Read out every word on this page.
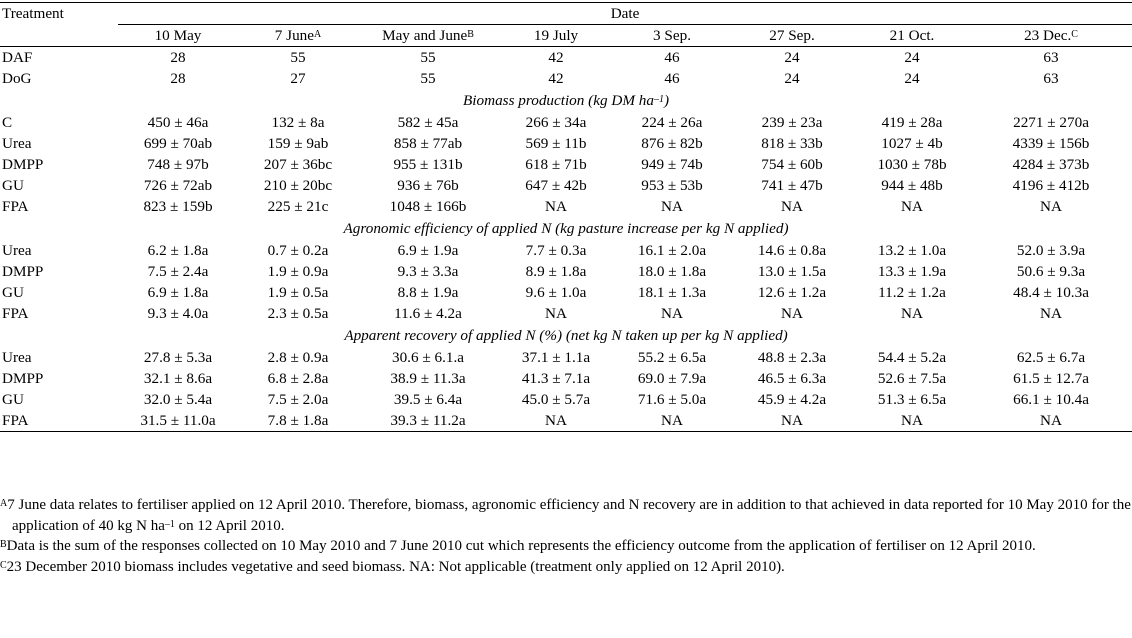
Treatment	Date							
	10 May	7 June$^A$	May and June$^B$	19 July	3 Sep.	27 Sep.	21 Oct.	23 Dec.$^C$
DAF	28	55	55	42	46	24	24	63
DoG	28	27	55	42	46	24	24	63
Biomass production (kg DM $ha^{-1}$)								
C	450 ± 46a	132 ± 8a	582 ± 45a	266 ± 34a	224 ± 26a	239 ± 23a	419 ± 28a	2271 ± 270a
Urea	699 ± 70ab	159 ± 9ab	858 ± 77ab	569 ± 11b	876 ± 82b	818 ± 33b	1027 ± 4b	4339 ± 156b
DMPP	748 ± 97b	207 ± 36bc	955 ± 131b	618 ± 71b	949 ± 74b	754 ± 60b	1030 ± 78b	4284 ± 373b
GU	726 ± 72ab	210 ± 20bc	936 ± 76b	647 ± 42b	953 ± 53b	741 ± 47b	944 ± 48b	4196 ± 412b
FPA	823 ± 159b	225 ± 21c	1048 ± 166b	NA	NA	NA	NA	NA
Agronomic efficiency of applied N (kg pasture increase per kg N applied)								
Urea	6.2 ± 1.8a	0.7 ± 0.2a	6.9 ± 1.9a	7.7 ± 0.3a	16.1 ± 2.0a	14.6 ± 0.8a	13.2 ± 1.0a	52.0 ± 3.9a
DMPP	7.5 ± 2.4a	1.9 ± 0.9a	9.3 ± 3.3a	8.9 ± 1.8a	18.0 ± 1.8a	13.0 ± 1.5a	13.3 ± 1.9a	50.6 ± 9.3a
GU	6.9 ± 1.8a	1.9 ± 0.5a	8.8 ± 1.9a	9.6 ± 1.0a	18.1 ± 1.3a	12.6 ± 1.2a	11.2 ± 1.2a	48.4 ± 10.3a
FPA	9.3 ± 4.0a	2.3 ± 0.5a	11.6 ± 4.2a	NA	NA	NA	NA	NA
Apparent recovery of applied N (%) (net kg N taken up per kg N applied)								
Urea	27.8 ± 5.3a	2.8 ± 0.9a	30.6 ± 6.1.a	37.1 ± 1.1a	55.2 ± 6.5a	48.8 ± 2.3a	54.4 ± 5.2a	62.5 ± 6.7a
DMPP	32.1 ± 8.6a	6.8 ± 2.8a	38.9 ± 11.3a	41.3 ± 7.1a	69.0 ± 7.9a	46.5 ± 6.3a	52.6 ± 7.5a	61.5 ± 12.7a
GU	32.0 ± 5.4a	7.5 ± 2.0a	39.5 ± 6.4a	45.0 ± 5.7a	71.6 ± 5.0a	45.9 ± 4.2a	51.3 ± 6.5a	66.1 ± 10.4a
FPA	31.5 ± 11.0a	7.8 ± 1.8a	39.3 ± 11.2a	NA	NA	NA	NA	NA
$^A$7 June data relates to fertiliser applied on 12 April 2010. Therefore, biomass, agronomic efficiency and N recovery are in addition to that achieved in data reported for 10 May 2010 for the application of 40 kg N $ha^{-1}$ on 12 April 2010.
$^B$Data is the sum of the responses collected on 10 May 2010 and 7 June 2010 cut which represents the efficiency outcome from the application of fertiliser on 12 April 2010.
$^C$23 December 2010 biomass includes vegetative and seed biomass. NA: Not applicable (treatment only applied on 12 April 2010).
